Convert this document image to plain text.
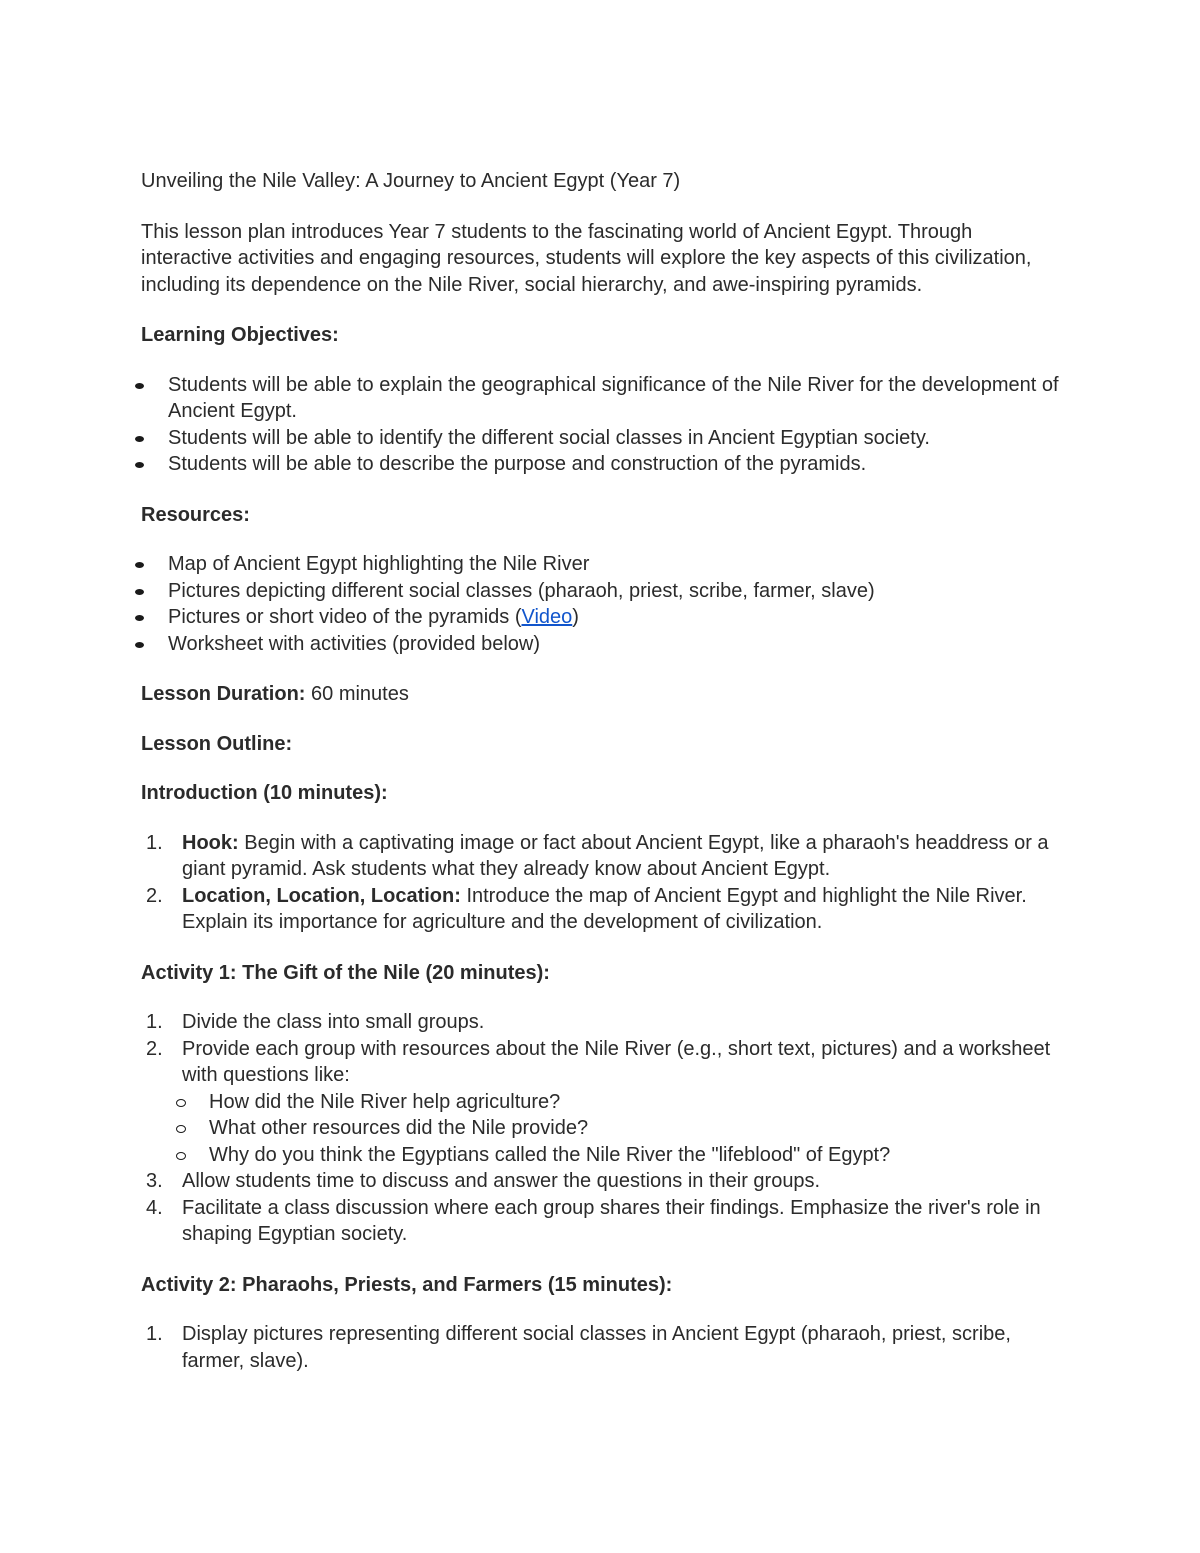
Unveiling the Nile Valley: A Journey to Ancient Egypt (Year 7)

This lesson plan introduces Year 7 students to the fascinating world of Ancient Egypt. Through interactive activities and engaging resources, students will explore the key aspects of this civilization, including its dependence on the Nile River, social hierarchy, and awe-inspiring pyramids.

Learning Objectives:

Students will be able to explain the geographical significance of the Nile River for the development of Ancient Egypt.
Students will be able to identify the different social classes in Ancient Egyptian society.
Students will be able to describe the purpose and construction of the pyramids.

Resources:

Map of Ancient Egypt highlighting the Nile River
Pictures depicting different social classes (pharaoh, priest, scribe, farmer, slave)
Pictures or short video of the pyramids (Video)
Worksheet with activities (provided below)

Lesson Duration: 60 minutes

Lesson Outline:

Introduction (10 minutes):

1. Hook: Begin with a captivating image or fact about Ancient Egypt, like a pharaoh's headdress or a giant pyramid. Ask students what they already know about Ancient Egypt.
2. Location, Location, Location: Introduce the map of Ancient Egypt and highlight the Nile River. Explain its importance for agriculture and the development of civilization.

Activity 1: The Gift of the Nile (20 minutes):

1. Divide the class into small groups.
2. Provide each group with resources about the Nile River (e.g., short text, pictures) and a worksheet with questions like:
How did the Nile River help agriculture?
What other resources did the Nile provide?
Why do you think the Egyptians called the Nile River the "lifeblood" of Egypt?
3. Allow students time to discuss and answer the questions in their groups.
4. Facilitate a class discussion where each group shares their findings. Emphasize the river's role in shaping Egyptian society.

Activity 2: Pharaohs, Priests, and Farmers (15 minutes):

1. Display pictures representing different social classes in Ancient Egypt (pharaoh, priest, scribe, farmer, slave).
